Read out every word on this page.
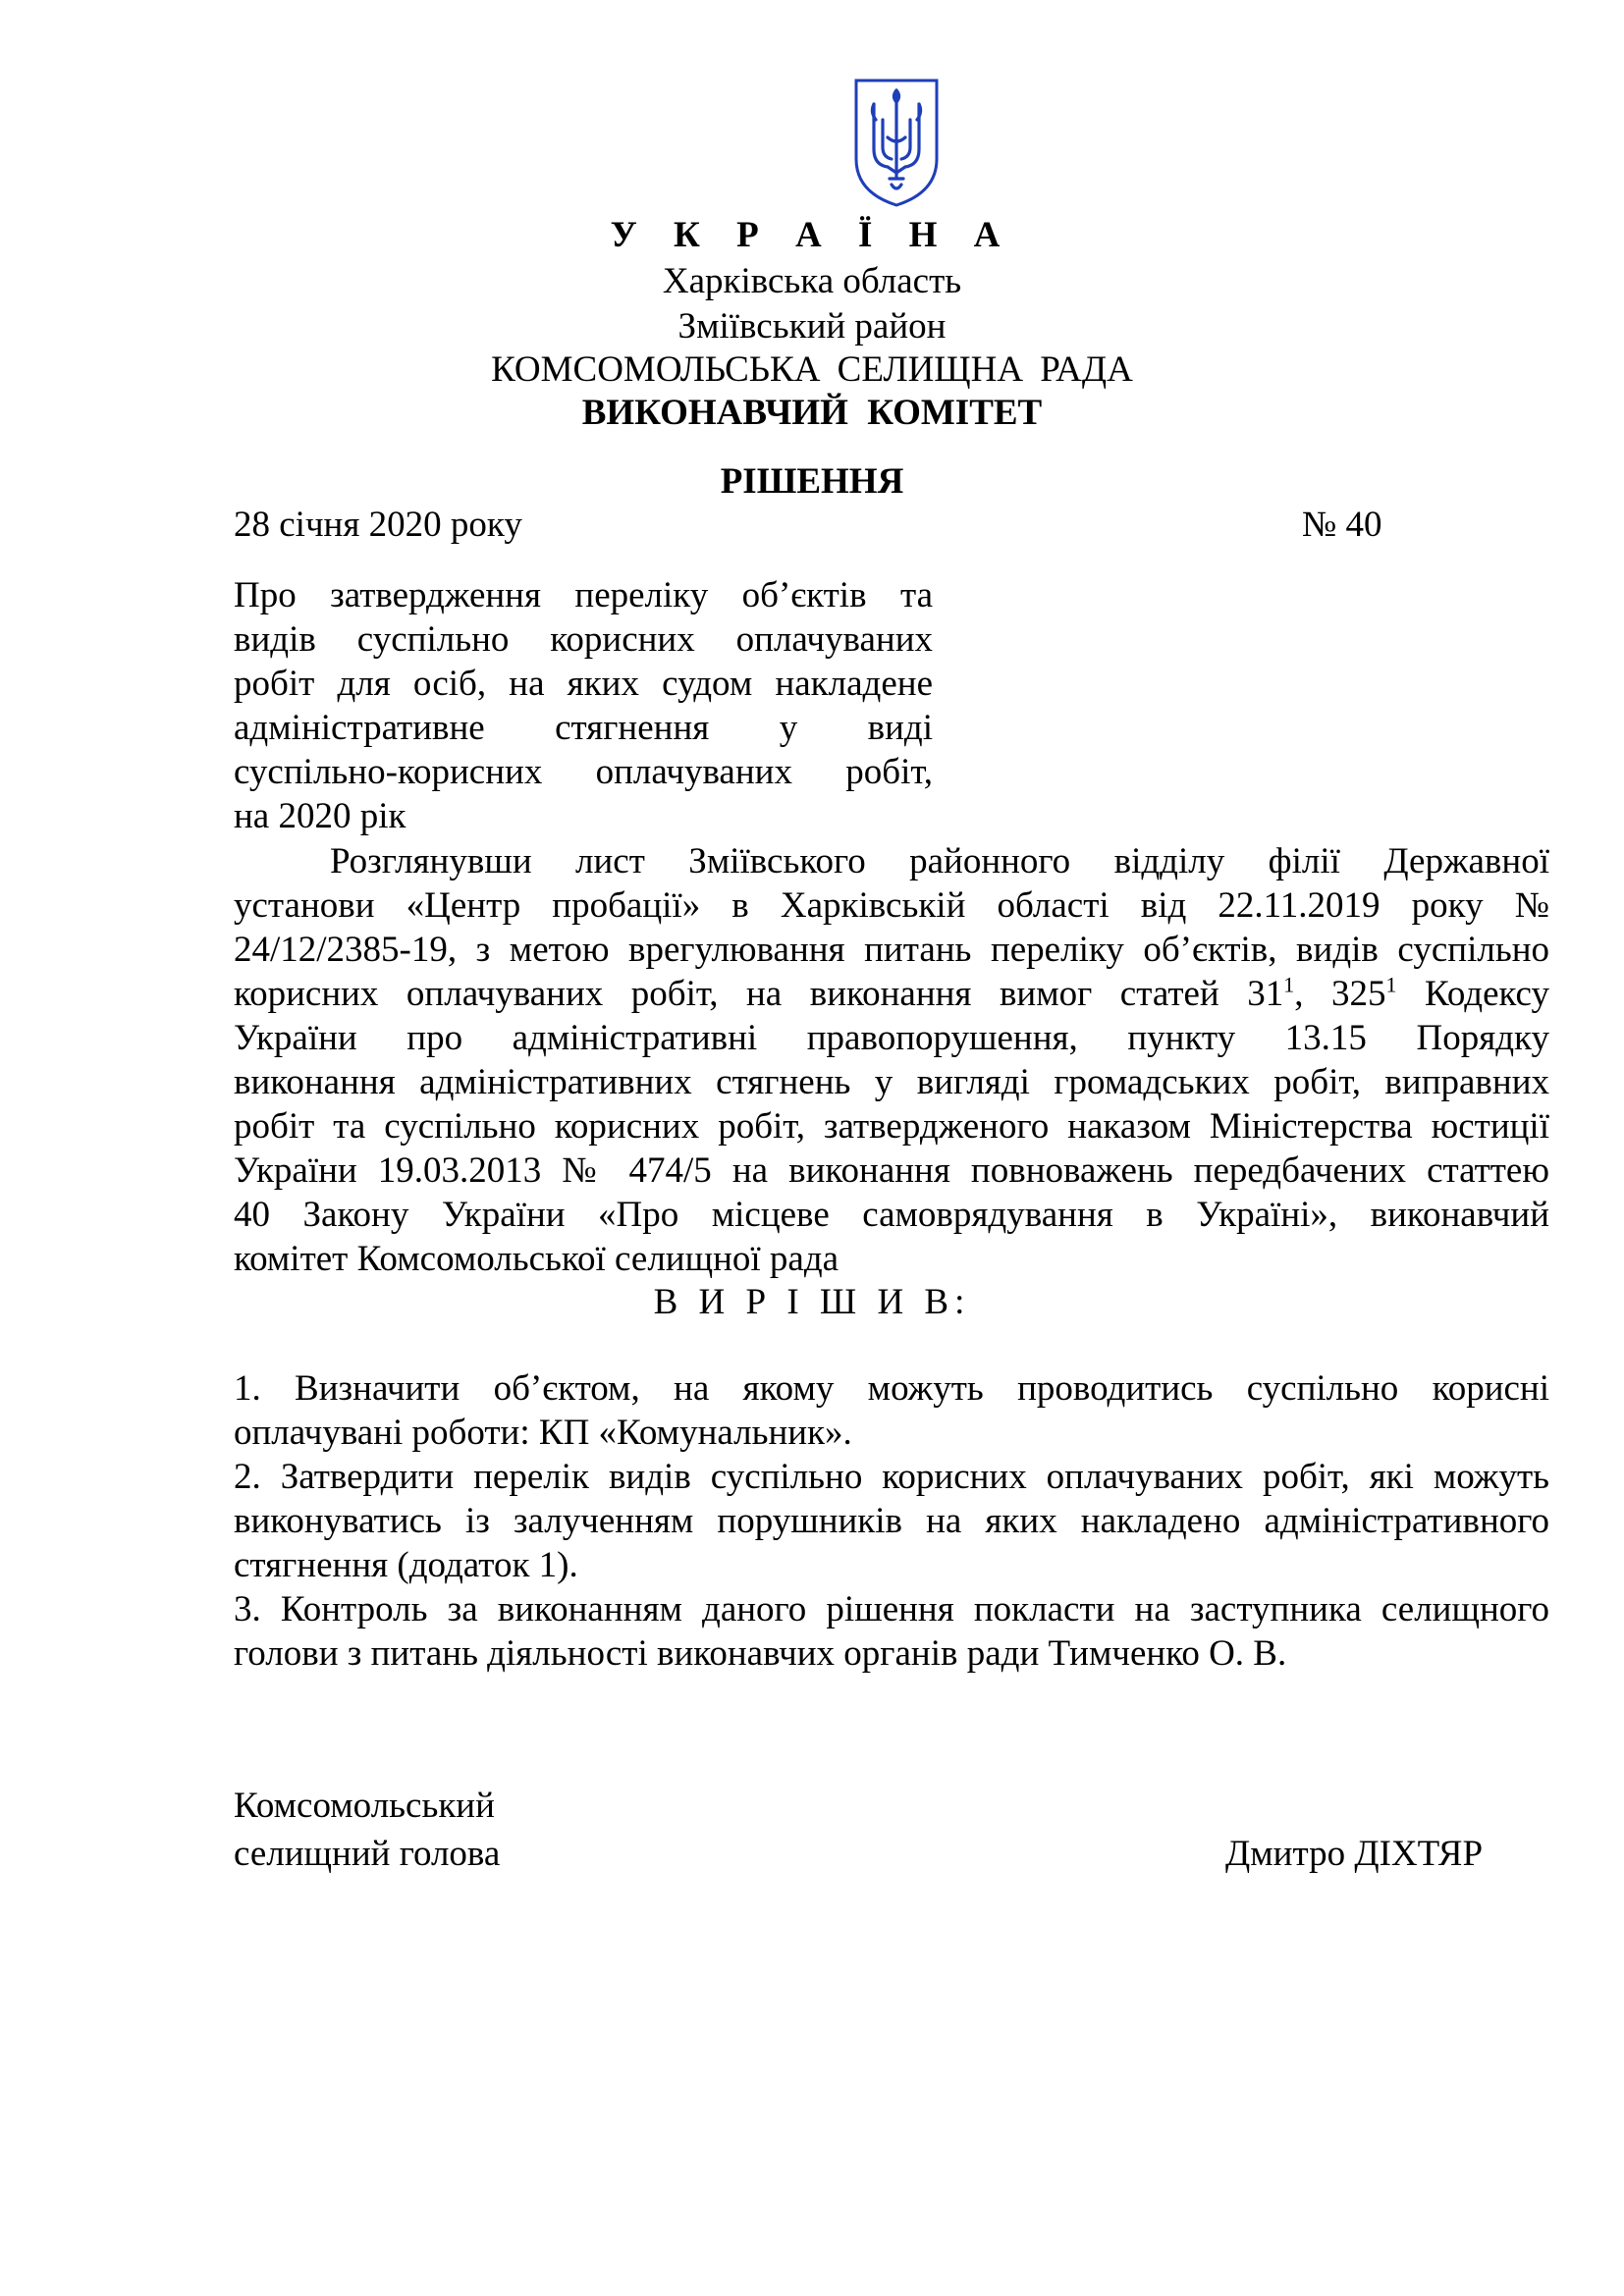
У К Р А Ї Н А
Харківська область
Зміївський район
КОМСОМОЛЬСЬКА СЕЛИЩНА РАДА
ВИКОНАВЧИЙ КОМІТЕТ
РІШЕННЯ
28 січня 2020 року	№ 40
Про затвердження переліку об’єктів та
видів суспільно корисних оплачуваних
робіт для осіб, на яких судом накладене
адміністративне стягнення у виді
суспільно-корисних оплачуваних робіт,
на 2020 рік
Розглянувши лист Зміївського районного відділу філії Державної
установи «Центр пробації» в Харківській області від 22.11.2019 року №
24/12/2385-19, з метою врегулювання питань переліку об’єктів, видів суспільно
корисних оплачуваних робіт, на виконання вимог статей $31^1$, $325^1$ Кодексу
України про адміністративні правопорушення, пункту 13.15 Порядку
виконання адміністративних стягнень у вигляді громадських робіт, виправних
робіт та суспільно корисних робіт, затвердженого наказом Міністерства юстиції
України 19.03.2013 № 474/5 на виконання повноважень передбачених статтею
40 Закону України «Про місцеве самоврядування в Україні», виконавчий
комітет Комсомольської селищної рада
В И Р І Ш И В:
1. Визначити об’єктом, на якому можуть проводитись суспільно корисні
оплачувані роботи: КП «Комунальник».
2. Затвердити перелік видів суспільно корисних оплачуваних робіт, які можуть
виконуватись із залученням порушників на яких накладено адміністративного
стягнення (додаток 1).
3. Контроль за виконанням даного рішення покласти на заступника селищного
голови з питань діяльності виконавчих органів ради Тимченко О. В.
Комсомольський
селищний голова	Дмитро ДІХТЯР
